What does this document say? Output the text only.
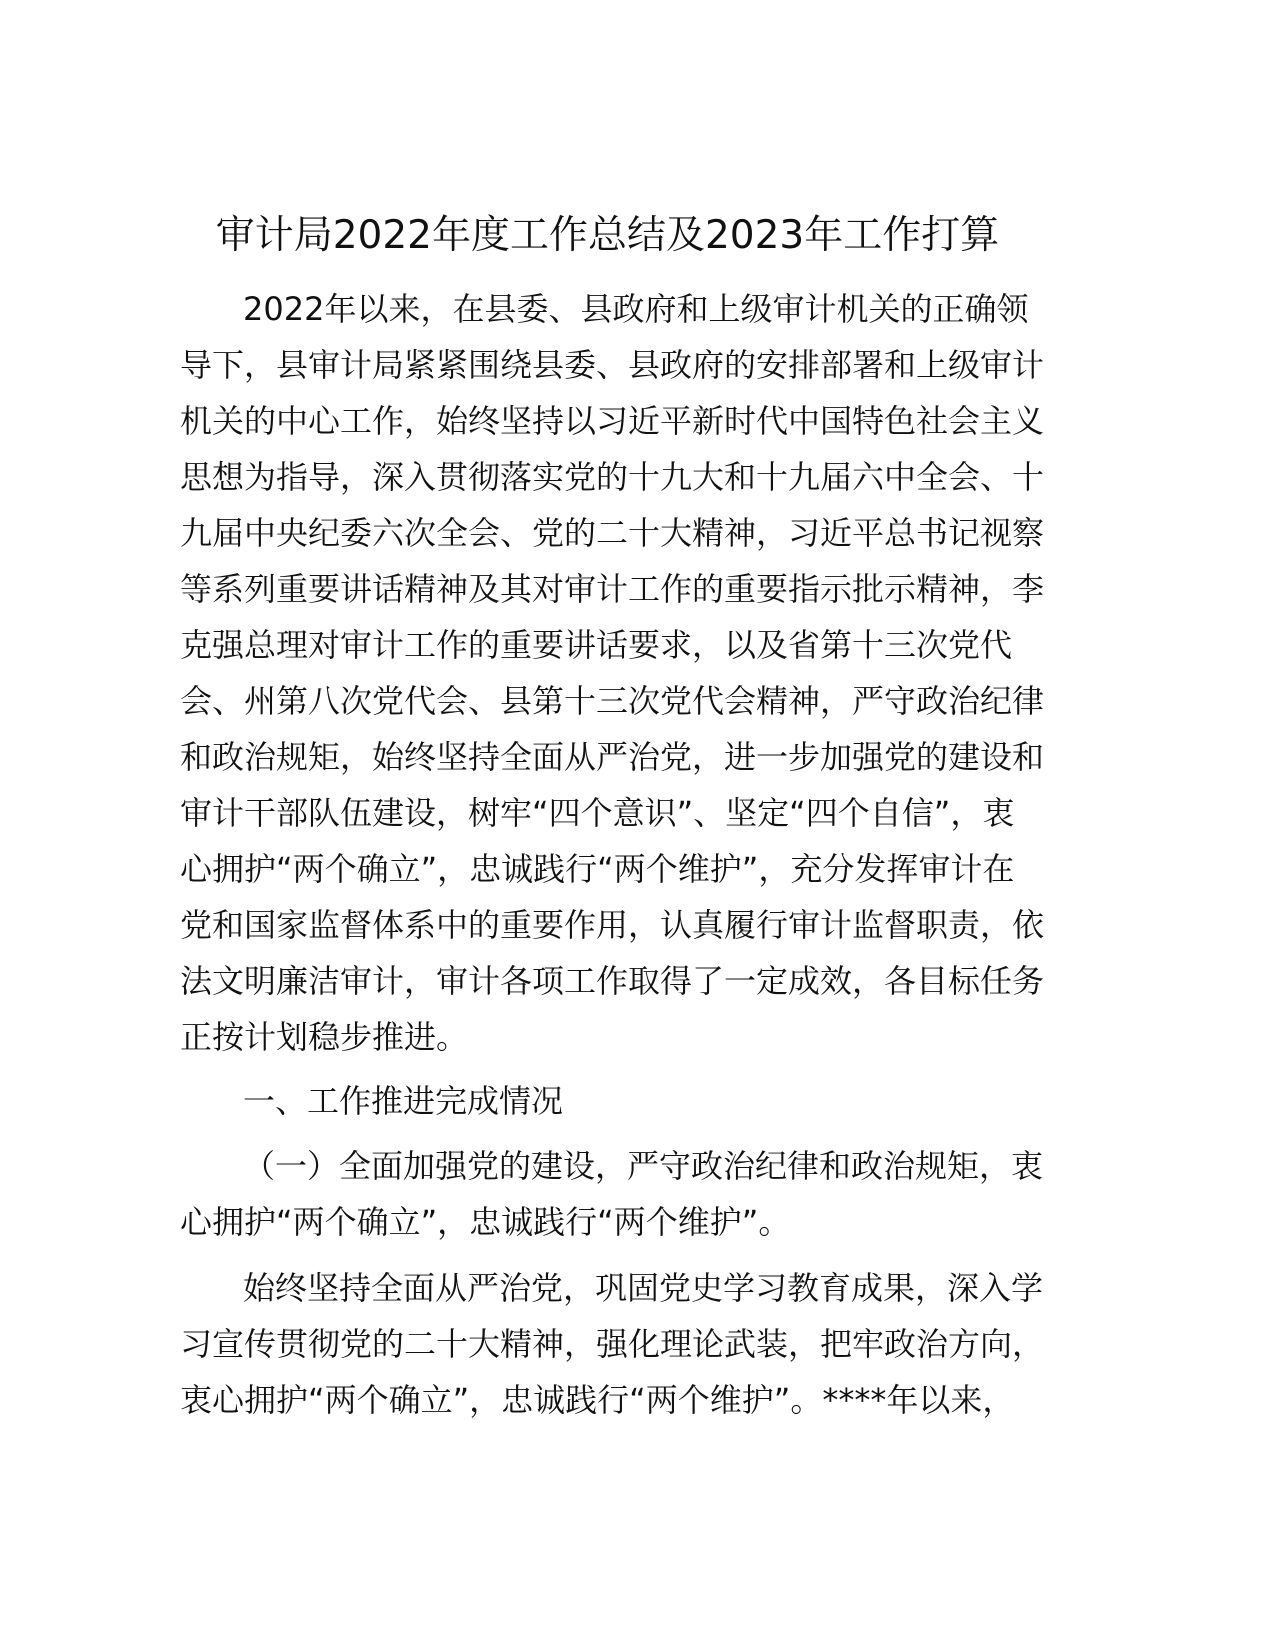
审计局2022年度工作总结及2023年工作打算

2022年以来，在县委、县政府和上级审计机关的正确领

导下，县审计局紧紧围绕县委、县政府的安排部署和上级审计

机关的中心工作，始终坚持以习近平新时代中国特色社会主义

思想为指导，深入贯彻落实党的十九大和十九届六中全会、十

九届中央纪委六次全会、党的二十大精神，习近平总书记视察

等系列重要讲话精神及其对审计工作的重要指示批示精神，李

克强总理对审计工作的重要讲话要求，以及省第十三次党代

会、州第八次党代会、县第十三次党代会精神，严守政治纪律

和政治规矩，始终坚持全面从严治党，进一步加强党的建设和

审计干部队伍建设，树牢“四个意识”、坚定“四个自信”，衷

心拥护“两个确立”，忠诚践行“两个维护”，充分发挥审计在

党和国家监督体系中的重要作用，认真履行审计监督职责，依

法文明廉洁审计，审计各项工作取得了一定成效，各目标任务

正按计划稳步推进。

一、工作推进完成情况

（一）全面加强党的建设，严守政治纪律和政治规矩，衷

心拥护“两个确立”，忠诚践行“两个维护”。

始终坚持全面从严治党，巩固党史学习教育成果，深入学

习宣传贯彻党的二十大精神，强化理论武装，把牢政治方向，

衷心拥护“两个确立”，忠诚践行“两个维护”。****年以来，
